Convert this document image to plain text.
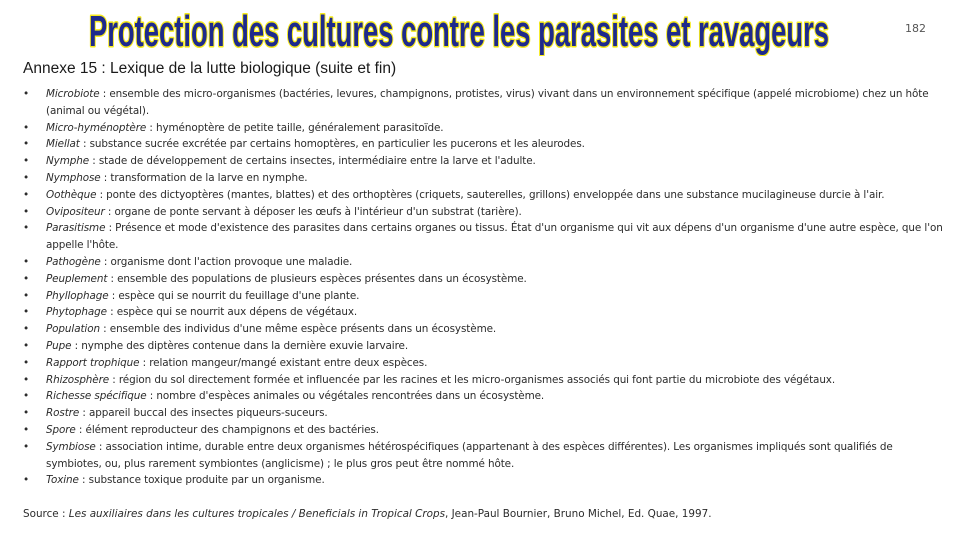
Protection des cultures contre les parasites et ravageurs	182
Annexe 15 : Lexique de la lutte biologique (suite et fin)
• Microbiote : ensemble des micro-organismes (bactéries, levures, champignons, protistes, virus) vivant dans un environnement spécifique (appelé microbiome) chez un hôte (animal ou végétal).
• Micro-hyménoptère : hyménoptère de petite taille, généralement parasitoïde.
• Miellat : substance sucrée excrétée par certains homoptères, en particulier les pucerons et les aleurodes.
• Nymphe : stade de développement de certains insectes, intermédiaire entre la larve et l'adulte.
• Nymphose : transformation de la larve en nymphe.
• Oothèque : ponte des dictyoptères (mantes, blattes) et des orthoptères (criquets, sauterelles, grillons) enveloppée dans une substance mucilagineuse durcie à l'air.
• Ovipositeur : organe de ponte servant à déposer les œufs à l'intérieur d'un substrat (tarière).
• Parasitisme : Présence et mode d'existence des parasites dans certains organes ou tissus. État d'un organisme qui vit aux dépens d'un organisme d'une autre espèce, que l'on appelle l'hôte.
• Pathogène : organisme dont l'action provoque une maladie.
• Peuplement : ensemble des populations de plusieurs espèces présentes dans un écosystème.
• Phyllophage : espèce qui se nourrit du feuillage d'une plante.
• Phytophage : espèce qui se nourrit aux dépens de végétaux.
• Population : ensemble des individus d'une même espèce présents dans un écosystème.
• Pupe : nymphe des diptères contenue dans la dernière exuvie larvaire.
• Rapport trophique : relation mangeur/mangé existant entre deux espèces.
• Rhizosphère : région du sol directement formée et influencée par les racines et les micro-organismes associés qui font partie du microbiote des végétaux.
• Richesse spécifique : nombre d'espèces animales ou végétales rencontrées dans un écosystème.
• Rostre : appareil buccal des insectes piqueurs-suceurs.
• Spore : élément reproducteur des champignons et des bactéries.
• Symbiose : association intime, durable entre deux organismes hétérospécifiques (appartenant à des espèces différentes). Les organismes impliqués sont qualifiés de symbiotes, ou, plus rarement symbiontes (anglicisme) ; le plus gros peut être nommé hôte.
• Toxine : substance toxique produite par un organisme.
Source : Les auxiliaires dans les cultures tropicales / Beneficials in Tropical Crops, Jean-Paul Bournier, Bruno Michel, Ed. Quae, 1997.
